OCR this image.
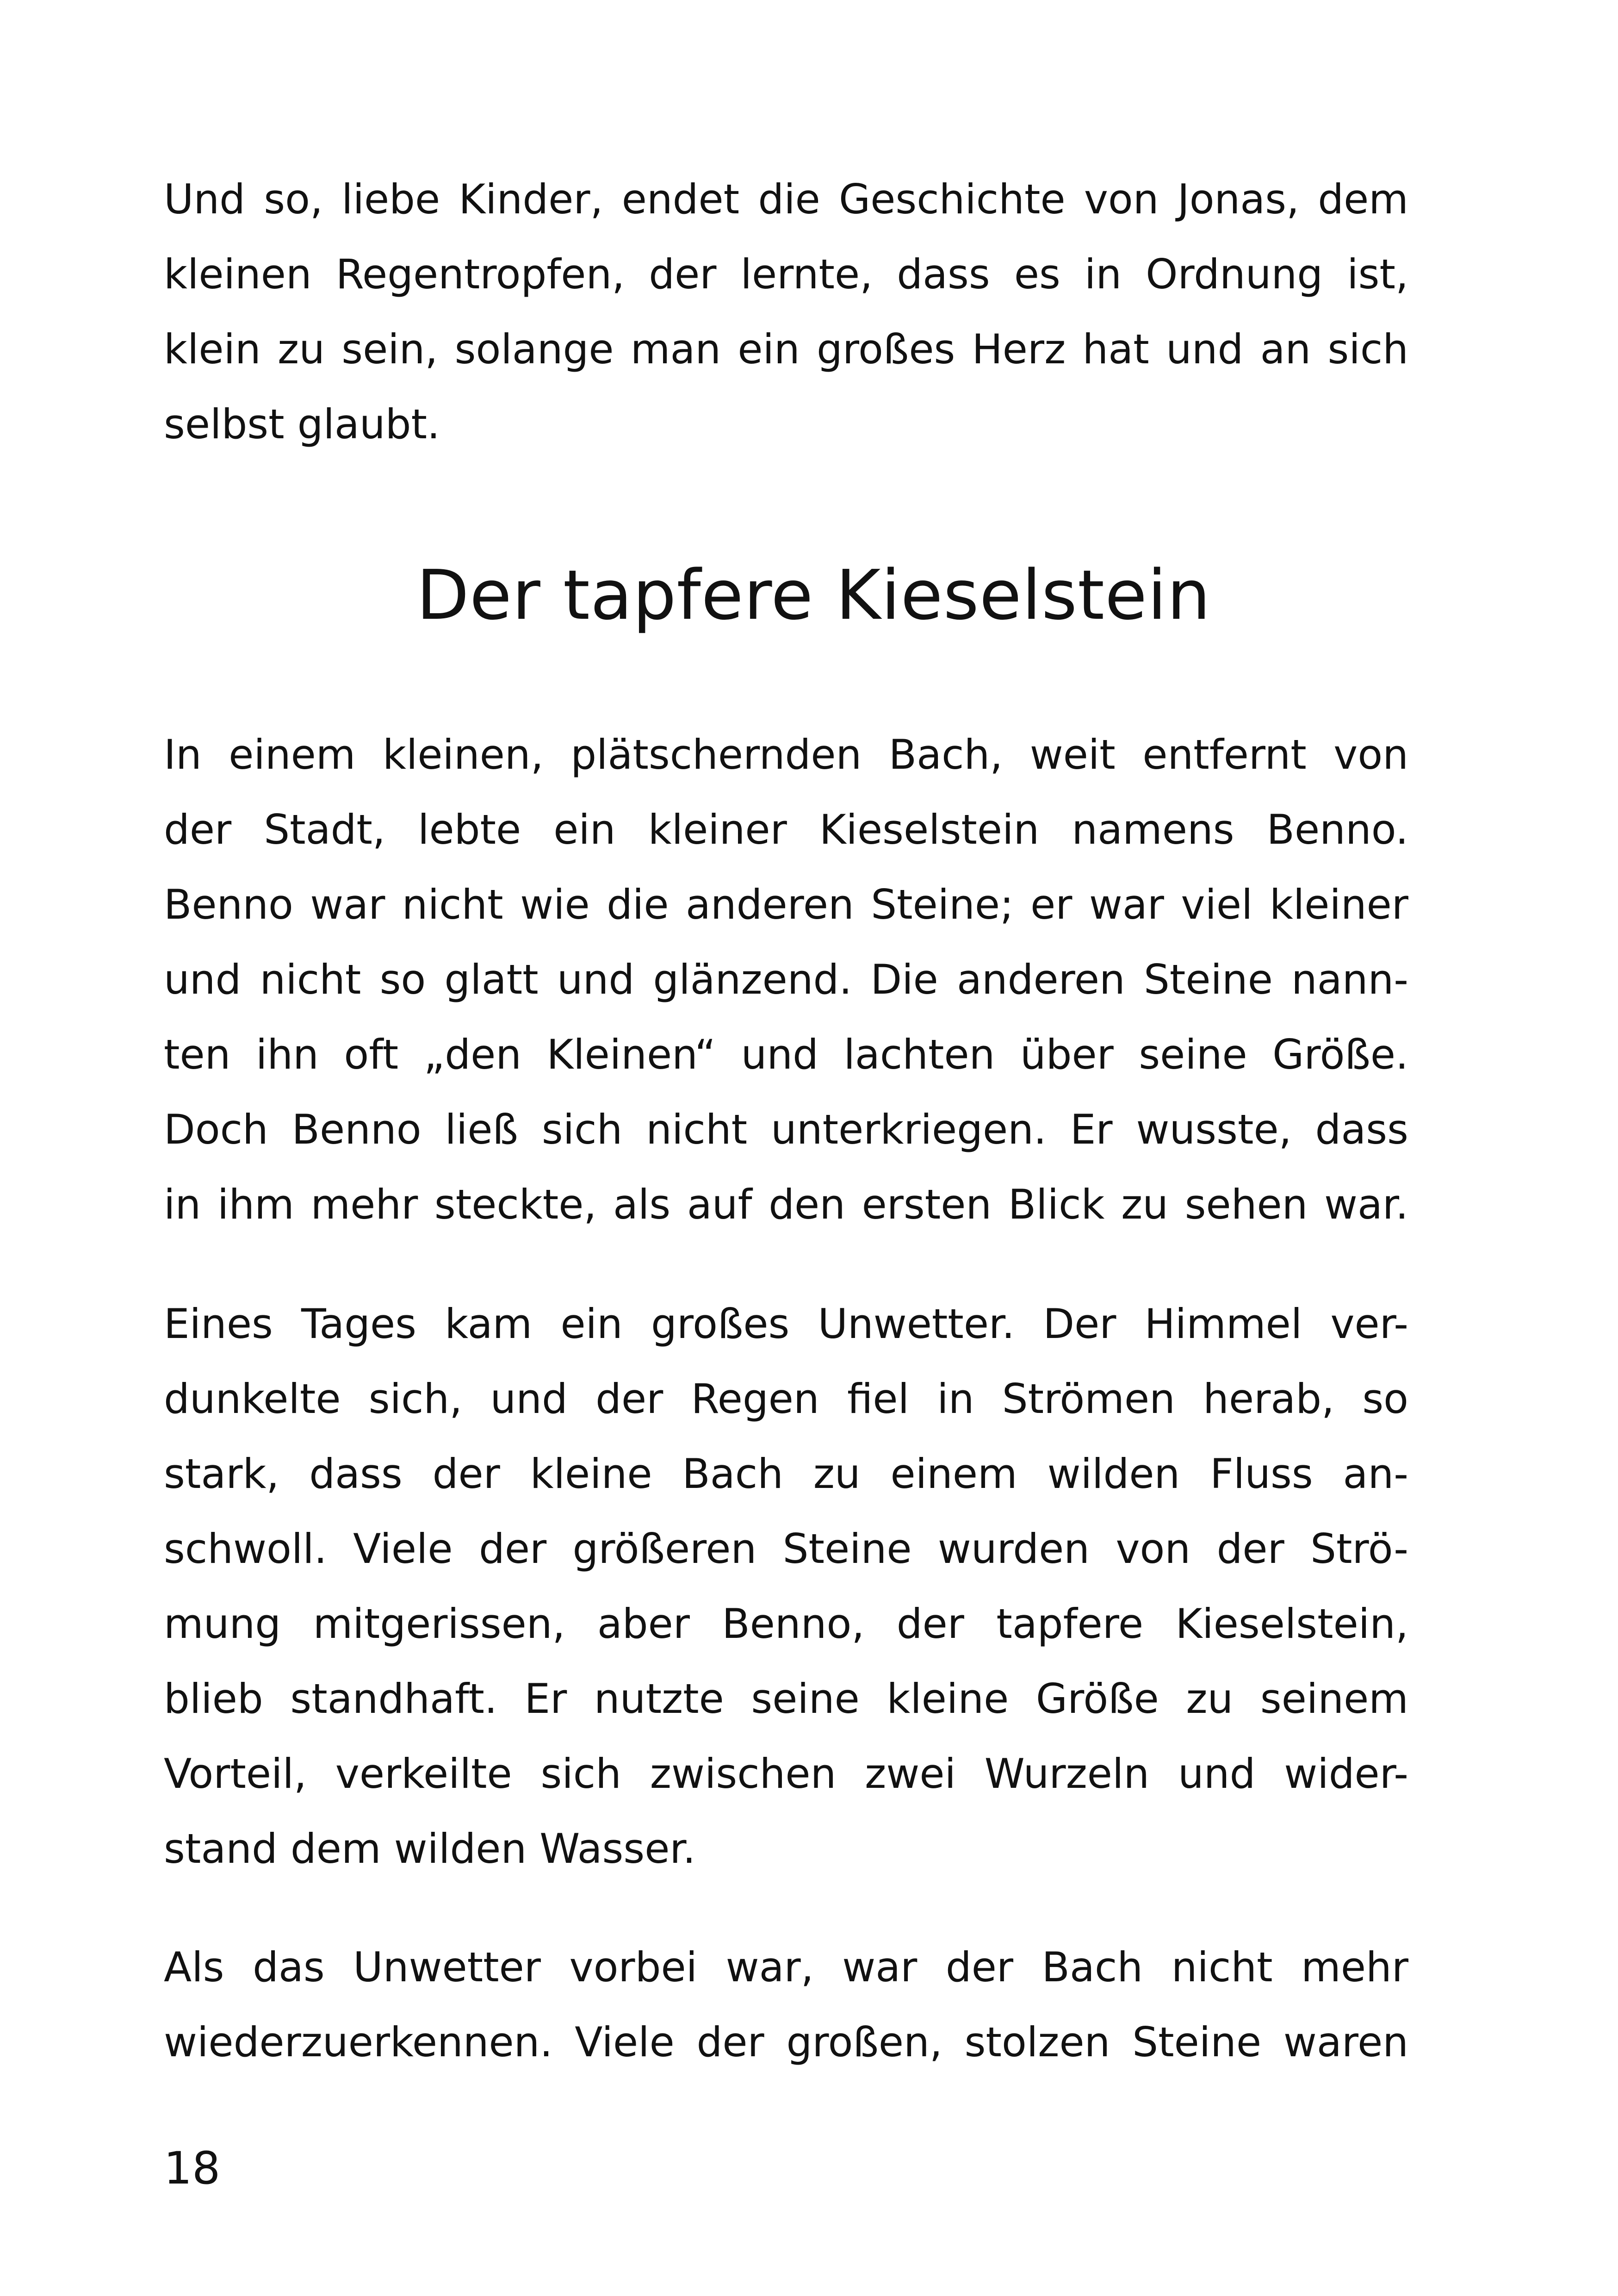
Und so, liebe Kinder, endet die Geschichte von Jonas, dem
kleinen Regentropfen, der lernte, dass es in Ordnung ist,
klein zu sein, solange man ein großes Herz hat und an sich
selbst glaubt.
Der tapfere Kieselstein
In einem kleinen, plätschernden Bach, weit entfernt von
der Stadt, lebte ein kleiner Kieselstein namens Benno.
Benno war nicht wie die anderen Steine; er war viel kleiner
und nicht so glatt und glänzend. Die anderen Steine nann-
ten ihn oft „den Kleinen“ und lachten über seine Größe.
Doch Benno ließ sich nicht unterkriegen. Er wusste, dass
in ihm mehr steckte, als auf den ersten Blick zu sehen war.
Eines Tages kam ein großes Unwetter. Der Himmel ver-
dunkelte sich, und der Regen fiel in Strömen herab, so
stark, dass der kleine Bach zu einem wilden Fluss an-
schwoll. Viele der größeren Steine wurden von der Strö-
mung mitgerissen, aber Benno, der tapfere Kieselstein,
blieb standhaft. Er nutzte seine kleine Größe zu seinem
Vorteil, verkeilte sich zwischen zwei Wurzeln und wider-
stand dem wilden Wasser.
Als das Unwetter vorbei war, war der Bach nicht mehr
wiederzuerkennen. Viele der großen, stolzen Steine waren
18
